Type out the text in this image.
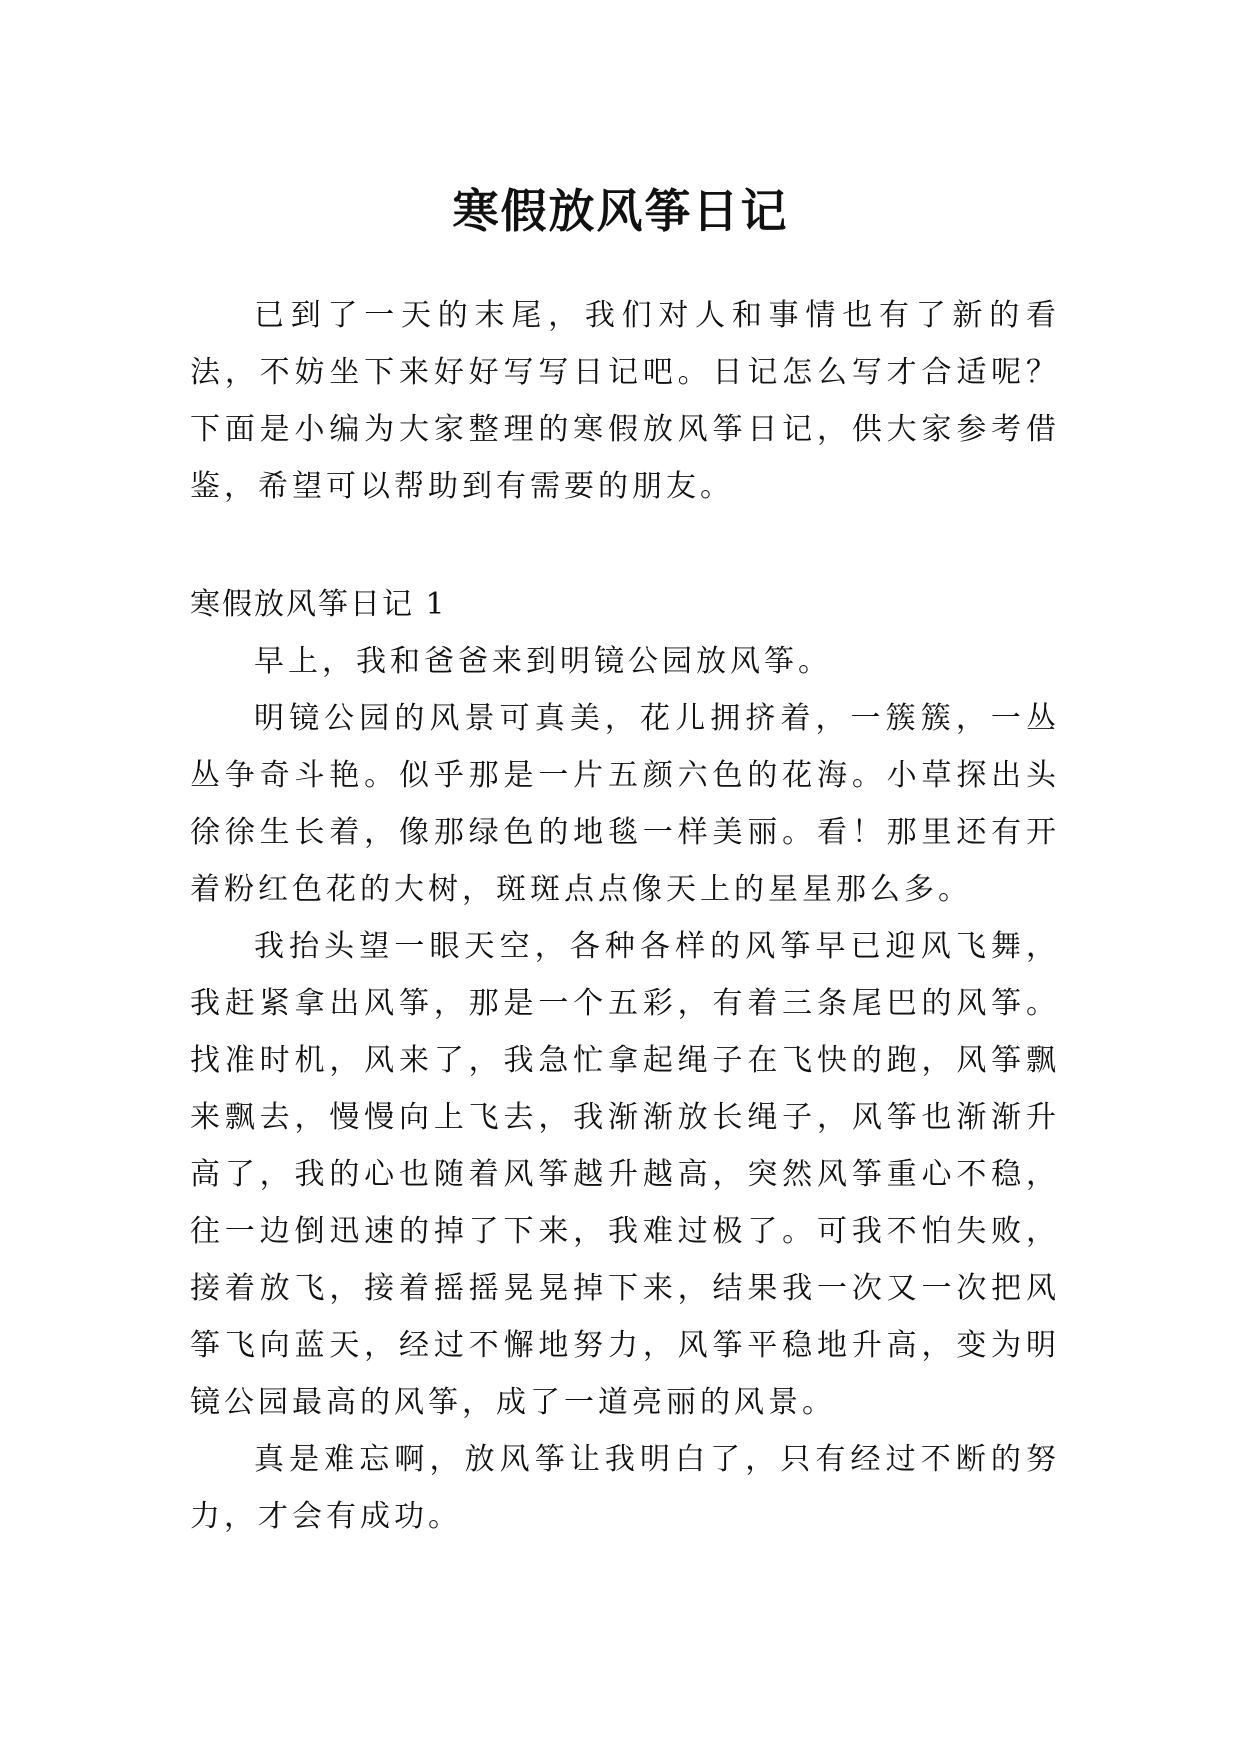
寒假放风筝日记

已到了一天的末尾，我们对人和事情也有了新的看法，不妨坐下来好好写写日记吧。日记怎么写才合适呢？下面是小编为大家整理的寒假放风筝日记，供大家参考借鉴，希望可以帮助到有需要的朋友。

寒假放风筝日记 1

早上，我和爸爸来到明镜公园放风筝。

明镜公园的风景可真美，花儿拥挤着，一簇簇，一丛丛争奇斗艳。似乎那是一片五颜六色的花海。小草探出头徐徐生长着，像那绿色的地毯一样美丽。看！那里还有开着粉红色花的大树，斑斑点点像天上的星星那么多。

我抬头望一眼天空，各种各样的风筝早已迎风飞舞，我赶紧拿出风筝，那是一个五彩，有着三条尾巴的风筝。找准时机，风来了，我急忙拿起绳子在飞快的跑，风筝飘来飘去，慢慢向上飞去，我渐渐放长绳子，风筝也渐渐升高了，我的心也随着风筝越升越高，突然风筝重心不稳，往一边倒迅速的掉了下来，我难过极了。可我不怕失败，接着放飞，接着摇摇晃晃掉下来，结果我一次又一次把风筝飞向蓝天，经过不懈地努力，风筝平稳地升高，变为明镜公园最高的风筝，成了一道亮丽的风景。

真是难忘啊，放风筝让我明白了，只有经过不断的努力，才会有成功。
